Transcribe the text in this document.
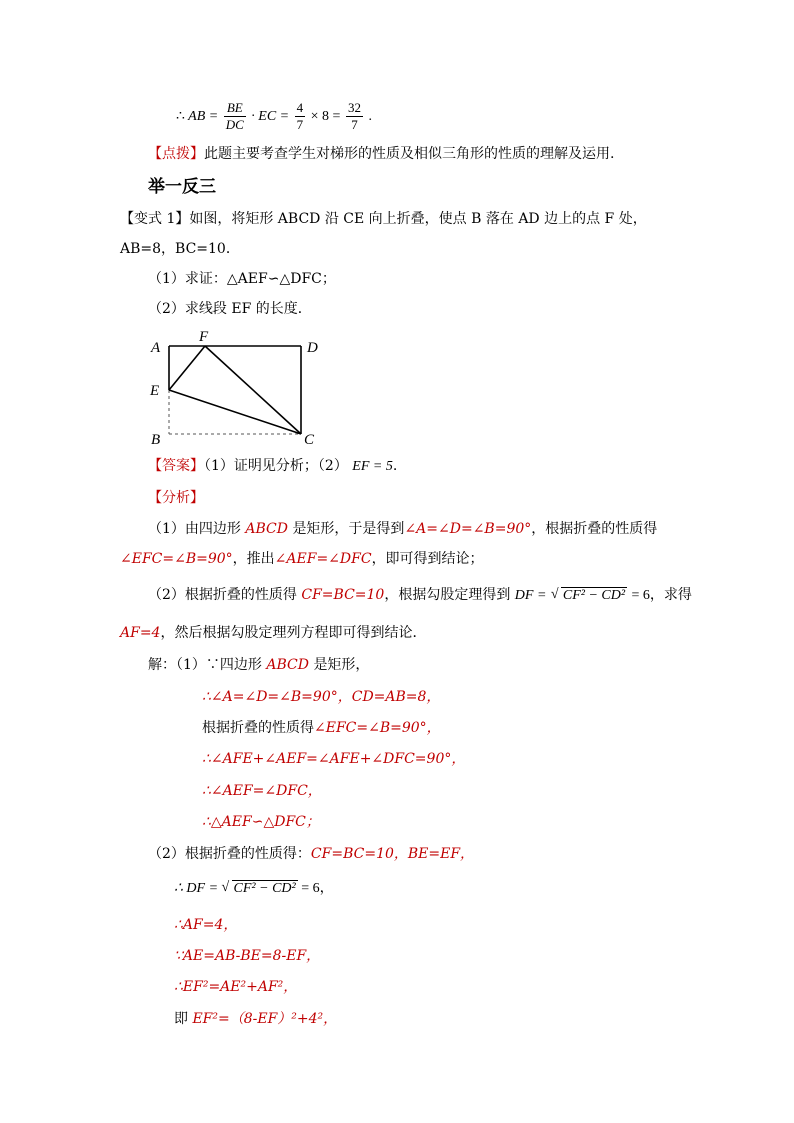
∴ AB = $\frac{BE}{DC}$ · EC = $\frac{4}{7} \times 8 = \frac{32}{7}$ .
【点拨】此题主要考查学生对梯形的性质及相似三角形的性质的理解及运用.
举一反三
【变式 1】如图，将矩形 ABCD 沿 CE 向上折叠，使点 B 落在 AD 边上的点 F 处，
AB=8，BC=10．
（1）求证：△AEF∽△DFC；
（2）求线段 EF 的长度．
A
F
D
E
B	C
【答案】（1）证明见分析；（2） EF = 5.
【分析】
（1）由四边形 ABCD 是矩形，于是得到∠A=∠D=∠B=90°，根据折叠的性质得
∠EFC=∠B=90°，推出∠AEF=∠DFC，即可得到结论；
（2）根据折叠的性质得 CF=BC=10，根据勾股定理得到 DF = √ CF² − CD² = 6，求得
AF=4，然后根据勾股定理列方程即可得到结论．
解：（1）∵四边形 ABCD 是矩形，
∴∠A=∠D=∠B=90°，CD=AB=8，
根据折叠的性质得∠EFC=∠B=90°，
∴∠AFE+∠AEF=∠AFE+∠DFC=90°，
∴∠AEF=∠DFC，
∴△AEF∽△DFC；
（2）根据折叠的性质得：CF=BC=10，BE=EF，
∴ DF = √ CF² − CD² = 6，
∴AF=4，
∵AE=AB-BE=8-EF，
∴EF²=AE²+AF²，
即 EF²=（8-EF）²+4²，
